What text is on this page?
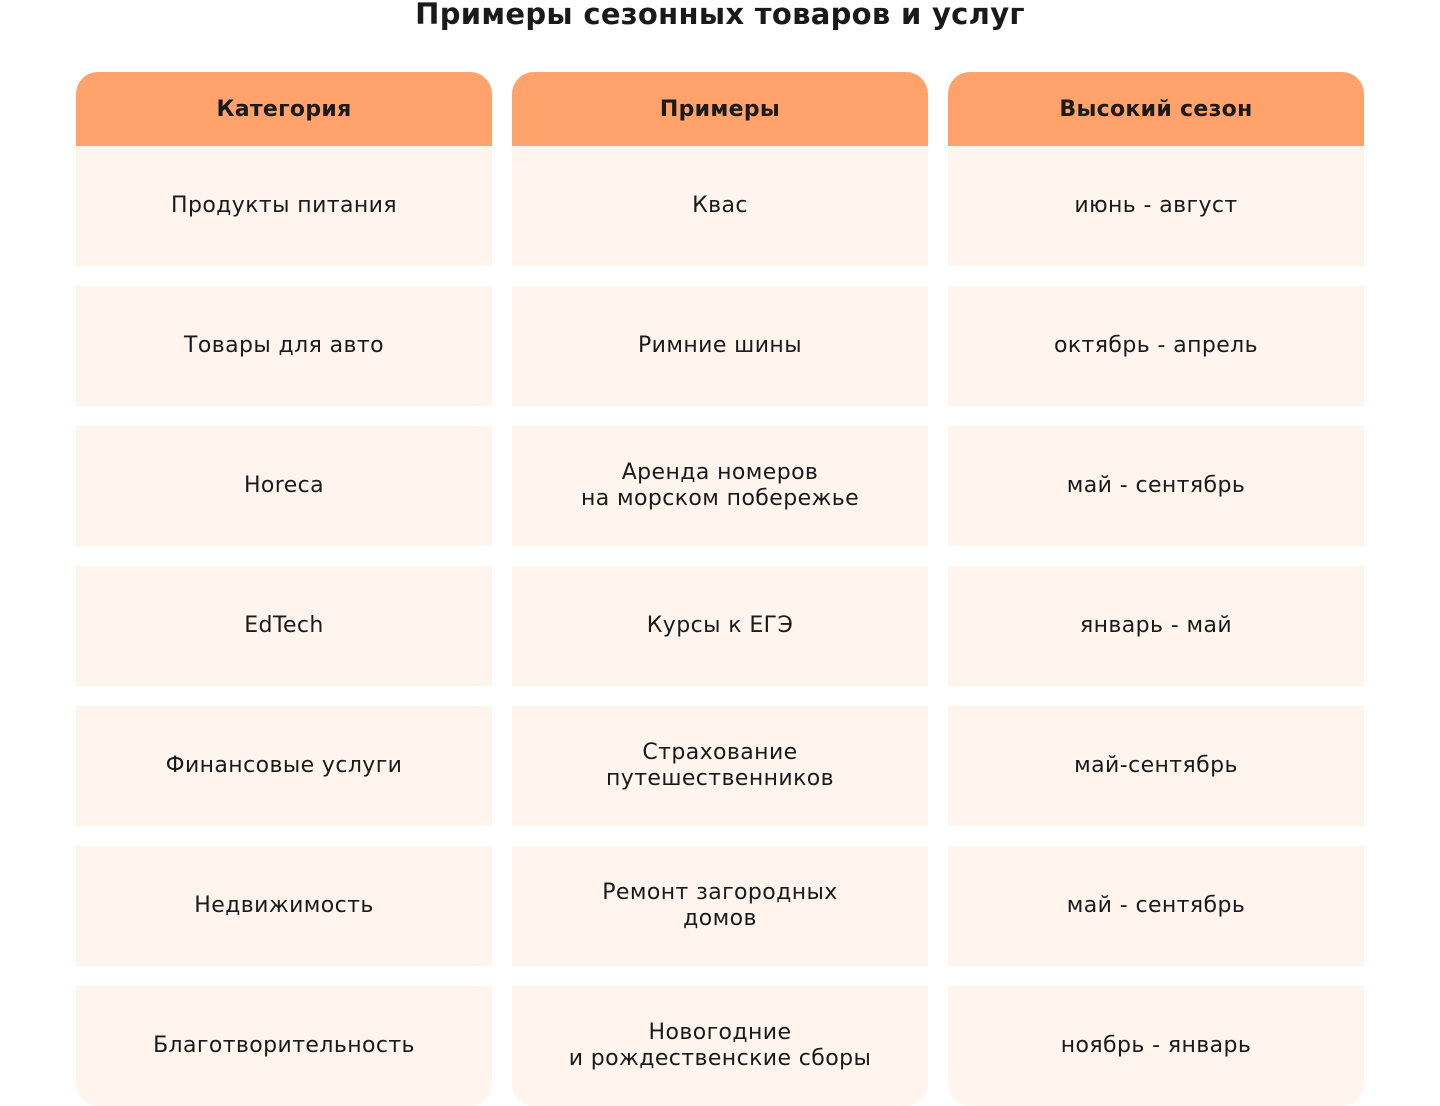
Примеры сезонных товаров и услуг
Категория
Продукты питания
Товары для авто
Horeca
EdTech
Финансовые услуги
Недвижимость
Благотворительность
Примеры
Квас
Римние шины
Аренда номеров
на морском побережье
Курсы к ЕГЭ
Страхование
путешественников
Ремонт загородных
домов
Новогодние
и рождественские сборы
Высокий сезон
июнь - август
октябрь - апрель
май - сентябрь
январь - май
май-сентябрь
май - сентябрь
ноябрь - январь
